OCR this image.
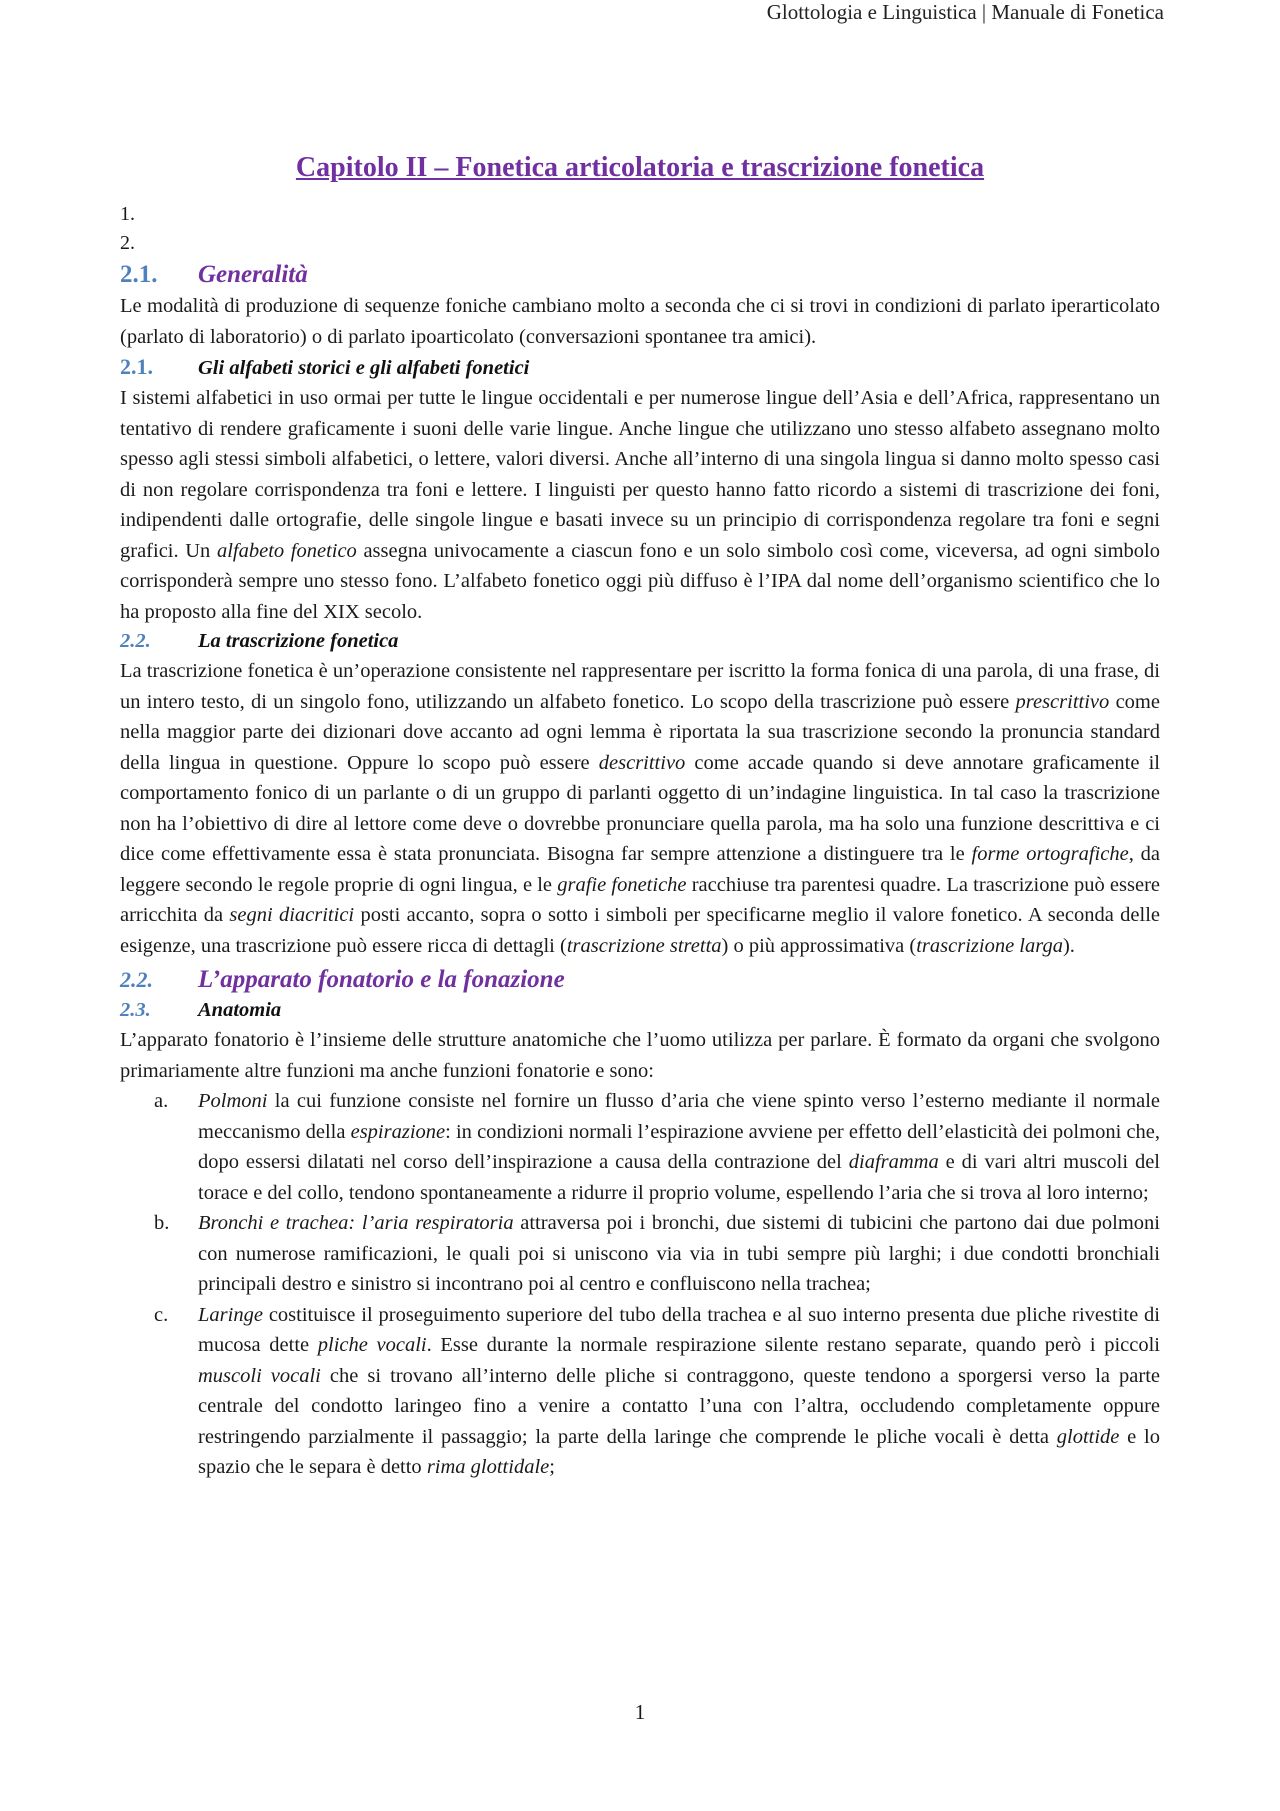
Glottologia e Linguistica | Manuale di Fonetica
Capitolo II – Fonetica articolatoria e trascrizione fonetica

1.

2.

2.1.	Generalità

Le modalità di produzione di sequenze foniche cambiano molto a seconda che ci si trovi in condizioni di parlato iperarticolato (parlato di laboratorio) o di parlato ipoarticolato (conversazioni spontanee tra amici).

2.1.	Gli alfabeti storici e gli alfabeti fonetici

I sistemi alfabetici in uso ormai per tutte le lingue occidentali e per numerose lingue dell’Asia e dell’Africa, rappresentano un tentativo di rendere graficamente i suoni delle varie lingue. Anche lingue che utilizzano uno stesso alfabeto assegnano molto spesso agli stessi simboli alfabetici, o lettere, valori diversi. Anche all’interno di una singola lingua si danno molto spesso casi di non regolare corrispondenza tra foni e lettere. I linguisti per questo hanno fatto ricordo a sistemi di trascrizione dei foni, indipendenti dalle ortografie, delle singole lingue e basati invece su un principio di corrispondenza regolare tra foni e segni grafici. Un alfabeto fonetico assegna univocamente a ciascun fono e un solo simbolo così come, viceversa, ad ogni simbolo corrisponderà sempre uno stesso fono. L’alfabeto fonetico oggi più diffuso è l’IPA dal nome dell’organismo scientifico che lo ha proposto alla fine del XIX secolo.

2.2.	La trascrizione fonetica

La trascrizione fonetica è un’operazione consistente nel rappresentare per iscritto la forma fonica di una parola, di una frase, di un intero testo, di un singolo fono, utilizzando un alfabeto fonetico. Lo scopo della trascrizione può essere prescrittivo come nella maggior parte dei dizionari dove accanto ad ogni lemma è riportata la sua trascrizione secondo la pronuncia standard della lingua in questione. Oppure lo scopo può essere descrittivo come accade quando si deve annotare graficamente il comportamento fonico di un parlante o di un gruppo di parlanti oggetto di un’indagine linguistica. In tal caso la trascrizione non ha l’obiettivo di dire al lettore come deve o dovrebbe pronunciare quella parola, ma ha solo una funzione descrittiva e ci dice come effettivamente essa è stata pronunciata. Bisogna far sempre attenzione a distinguere tra le forme ortografiche, da leggere secondo le regole proprie di ogni lingua, e le grafie fonetiche racchiuse tra parentesi quadre. La trascrizione può essere arricchita da segni diacritici posti accanto, sopra o sotto i simboli per specificarne meglio il valore fonetico. A seconda delle esigenze, una trascrizione può essere ricca di dettagli (trascrizione stretta) o più approssimativa (trascrizione larga).

2.2.	L’apparato fonatorio e la fonazione
2.3.	Anatomia

L’apparato fonatorio è l’insieme delle strutture anatomiche che l’uomo utilizza per parlare. È formato da organi che svolgono primariamente altre funzioni ma anche funzioni fonatorie e sono:

a.	Polmoni la cui funzione consiste nel fornire un flusso d’aria che viene spinto verso l’esterno mediante il normale meccanismo della espirazione: in condizioni normali l’espirazione avviene per effetto dell’elasticità dei polmoni che, dopo essersi dilatati nel corso dell’inspirazione a causa della contrazione del diaframma e di vari altri muscoli del torace e del collo, tendono spontaneamente a ridurre il proprio volume, espellendo l’aria che si trova al loro interno;
b.	Bronchi e trachea: l’aria respiratoria attraversa poi i bronchi, due sistemi di tubicini che partono dai due polmoni con numerose ramificazioni, le quali poi si uniscono via via in tubi sempre più larghi; i due condotti bronchiali principali destro e sinistro si incontrano poi al centro e confluiscono nella trachea;
c.	Laringe costituisce il proseguimento superiore del tubo della trachea e al suo interno presenta due pliche rivestite di mucosa dette pliche vocali. Esse durante la normale respirazione silente restano separate, quando però i piccoli muscoli vocali che si trovano all’interno delle pliche si contraggono, queste tendono a sporgersi verso la parte centrale del condotto laringeo fino a venire a contatto l’una con l’altra, occludendo completamente oppure restringendo parzialmente il passaggio; la parte della laringe che comprende le pliche vocali è detta glottide e lo spazio che le separa è detto rima glottidale;
1
